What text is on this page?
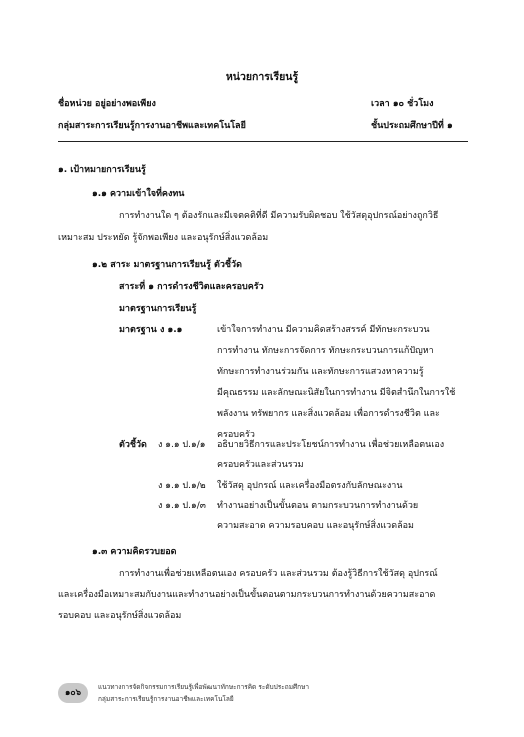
หน่วยการเรียนรู้
ชื่อหน่วย อยู่อย่างพอเพียง	เวลา ๑๐ ชั่วโมง
กลุ่มสาระการเรียนรู้การงานอาชีพและเทคโนโลยี	ชั้นประถมศึกษาปีที่ ๑
๑. เป้าหมายการเรียนรู้
๑.๑ ความเข้าใจที่คงทน
การทำงานใด ๆ ต้องรักและมีเจตคติที่ดี มีความรับผิดชอบ ใช้วัสดุอุปกรณ์อย่างถูกวิธี
เหมาะสม ประหยัด รู้จักพอเพียง และอนุรักษ์สิ่งแวดล้อม
๑.๒ สาระ มาตรฐานการเรียนรู้ ตัวชี้วัด
สาระที่ ๑ การดำรงชีวิตและครอบครัว
มาตรฐานการเรียนรู้
มาตรฐาน ง ๑.๑	เข้าใจการทำงาน มีความคิดสร้างสรรค์ มีทักษะกระบวน
การทำงาน ทักษะการจัดการ ทักษะกระบวนการแก้ปัญหา
ทักษะการทำงานร่วมกัน และทักษะการแสวงหาความรู้
มีคุณธรรม และลักษณะนิสัยในการทำงาน มีจิตสำนึกในการใช้
พลังงาน ทรัพยากร และสิ่งแวดล้อม เพื่อการดำรงชีวิต และ
ครอบครัว
ตัวชี้วัด ง ๑.๑ ป.๑/๑ อธิบายวิธีการและประโยชน์การทำงาน เพื่อช่วยเหลือตนเอง
ครอบครัวและส่วนรวม
ง ๑.๑ ป.๑/๒ ใช้วัสดุ อุปกรณ์ และเครื่องมือตรงกับลักษณะงาน
ง ๑.๑ ป.๑/๓ ทำงานอย่างเป็นขั้นตอน ตามกระบวนการทำงานด้วย
ความสะอาด ความรอบคอบ และอนุรักษ์สิ่งแวดล้อม
๑.๓ ความคิดรวบยอด
การทำงานเพื่อช่วยเหลือตนเอง ครอบครัว และส่วนรวม ต้องรู้วิธีการใช้วัสดุ อุปกรณ์
และเครื่องมือเหมาะสมกับงานและทำงานอย่างเป็นขั้นตอนตามกระบวนการทำงานด้วยความสะอาด
รอบคอบ และอนุรักษ์สิ่งแวดล้อม
๑๐๖
แนวทางการจัดกิจกรรมการเรียนรู้เพื่อพัฒนาทักษะการคิด ระดับประถมศึกษา
กลุ่มสาระการเรียนรู้การงานอาชีพและเทคโนโลยี
